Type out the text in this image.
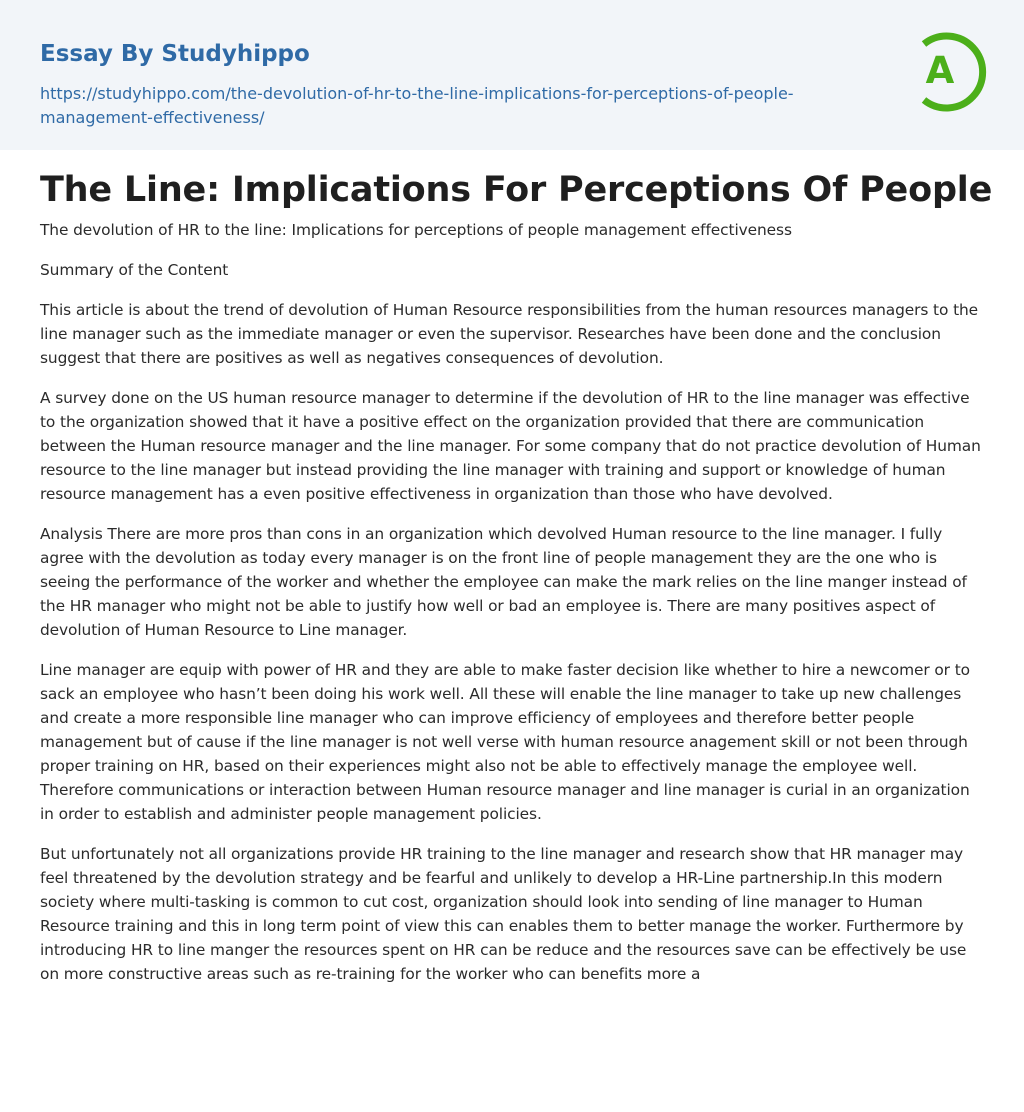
Essay By Studyhippo
https://studyhippo.com/the-devolution-of-hr-to-the-line-implications-for-perceptions-of-people-management-effectiveness/
A
The Line: Implications For Perceptions Of People

The devolution of HR to the line: Implications for perceptions of people management effectiveness

Summary of the Content

This article is about the trend of devolution of Human Resource responsibilities from the human resources managers to the line manager such as the immediate manager or even the supervisor. Researches have been done and the conclusion suggest that there are positives as well as negatives consequences of devolution.

A survey done on the US human resource manager to determine if the devolution of HR to the line manager was effective to the organization showed that it have a positive effect on the organization provided that there are communication between the Human resource manager and the line manager. For some company that do not practice devolution of Human resource to the line manager but instead providing the line manager with training and support or knowledge of human resource management has a even positive effectiveness in organization than those who have devolved.

Analysis There are more pros than cons in an organization which devolved Human resource to the line manager. I fully agree with the devolution as today every manager is on the front line of people management they are the one who is seeing the performance of the worker and whether the employee can make the mark relies on the line manger instead of the HR manager who might not be able to justify how well or bad an employee is. There are many positives aspect of devolution of Human Resource to Line manager.

Line manager are equip with power of HR and they are able to make faster decision like whether to hire a newcomer or to sack an employee who hasn’t been doing his work well. All these will enable the line manager to take up new challenges and create a more responsible line manager who can improve efficiency of employees and therefore better people management but of cause if the line manager is not well verse with human resource anagement skill or not been through proper training on HR, based on their experiences might also not be able to effectively manage the employee well. Therefore communications or interaction between Human resource manager and line manager is curial in an organization in order to establish and administer people management policies.

But unfortunately not all organizations provide HR training to the line manager and research show that HR manager may feel threatened by the devolution strategy and be fearful and unlikely to develop a HR-Line partnership.In this modern society where multi-tasking is common to cut cost, organization should look into sending of line manager to Human Resource training and this in long term point of view this can enables them to better manage the worker. Furthermore by introducing HR to line manger the resources spent on HR can be reduce and the resources save can be effectively be use on more constructive areas such as re-training for the worker who can benefits more a
